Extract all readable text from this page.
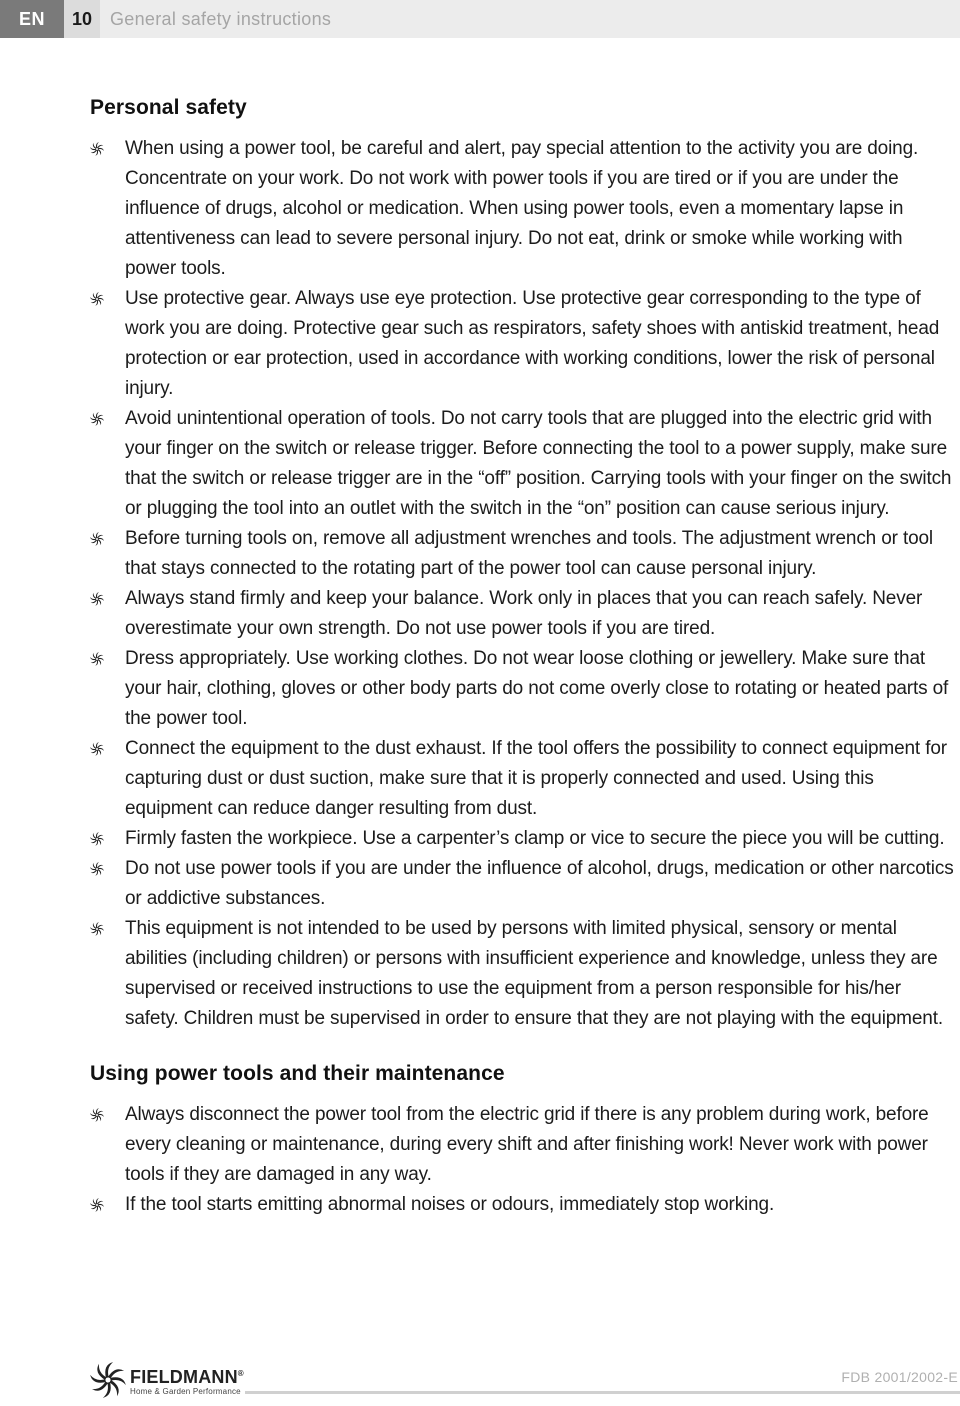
EN	10 General safety instructions
Personal safety
When using a power tool, be careful and alert, pay special attention to the activity you are doing. Concentrate on your work. Do not work with power tools if you are tired or if you are under the influence of drugs, alcohol or medication. When using power tools, even a momentary lapse in attentiveness can lead to severe personal injury. Do not eat, drink or smoke while working with power tools.
Use protective gear. Always use eye protection. Use protective gear corresponding to the type of work you are doing. Protective gear such as respirators, safety shoes with antiskid treatment, head protection or ear protection, used in accordance with working conditions, lower the risk of personal injury.
Avoid unintentional operation of tools. Do not carry tools that are plugged into the electric grid with your finger on the switch or release trigger. Before connecting the tool to a power supply, make sure that the switch or release trigger are in the “off” position. Carrying tools with your finger on the switch or plugging the tool into an outlet with the switch in the “on” position can cause serious injury.
Before turning tools on, remove all adjustment wrenches and tools. The adjustment wrench or tool that stays connected to the rotating part of the power tool can cause personal injury.
Always stand firmly and keep your balance. Work only in places that you can reach safely. Never overestimate your own strength. Do not use power tools if you are tired.
Dress appropriately. Use working clothes. Do not wear loose clothing or jewellery. Make sure that your hair, clothing, gloves or other body parts do not come overly close to rotating or heated parts of the power tool.
Connect the equipment to the dust exhaust. If the tool offers the possibility to connect equipment for capturing dust or dust suction, make sure that it is properly connected and used. Using this equipment can reduce danger resulting from dust.
Firmly fasten the workpiece. Use a carpenter’s clamp or vice to secure the piece you will be cutting.
Do not use power tools if you are under the influence of alcohol, drugs, medication or other narcotics or addictive substances.
This equipment is not intended to be used by persons with limited physical, sensory or mental abilities (including children) or persons with insufficient experience and knowledge, unless they are supervised or received instructions to use the equipment from a person responsible for his/her safety. Children must be supervised in order to ensure that they are not playing with the equipment.
Using power tools and their maintenance
Always disconnect the power tool from the electric grid if there is any problem during work, before every cleaning or maintenance, during every shift and after finishing work! Never work with power tools if they are damaged in any way.
If the tool starts emitting abnormal noises or odours, immediately stop working.
FIELDMANN®
Home & Garden Performance
FDB 2001/2002-E
